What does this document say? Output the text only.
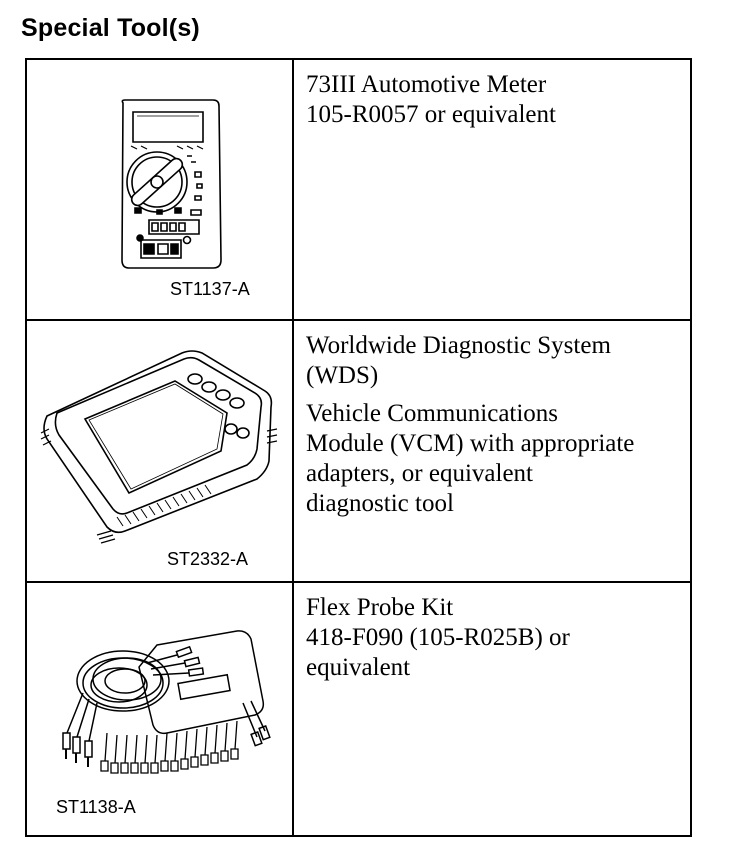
Special Tool(s)
ST1137-A

73III Automotive Meter
105-R0057 or equivalent

ST2332-A

Worldwide Diagnostic System
(WDS)

Vehicle Communications
Module (VCM) with appropriate
adapters, or equivalent
diagnostic tool

ST1138-A

Flex Probe Kit
418-F090 (105-R025B) or
equivalent
